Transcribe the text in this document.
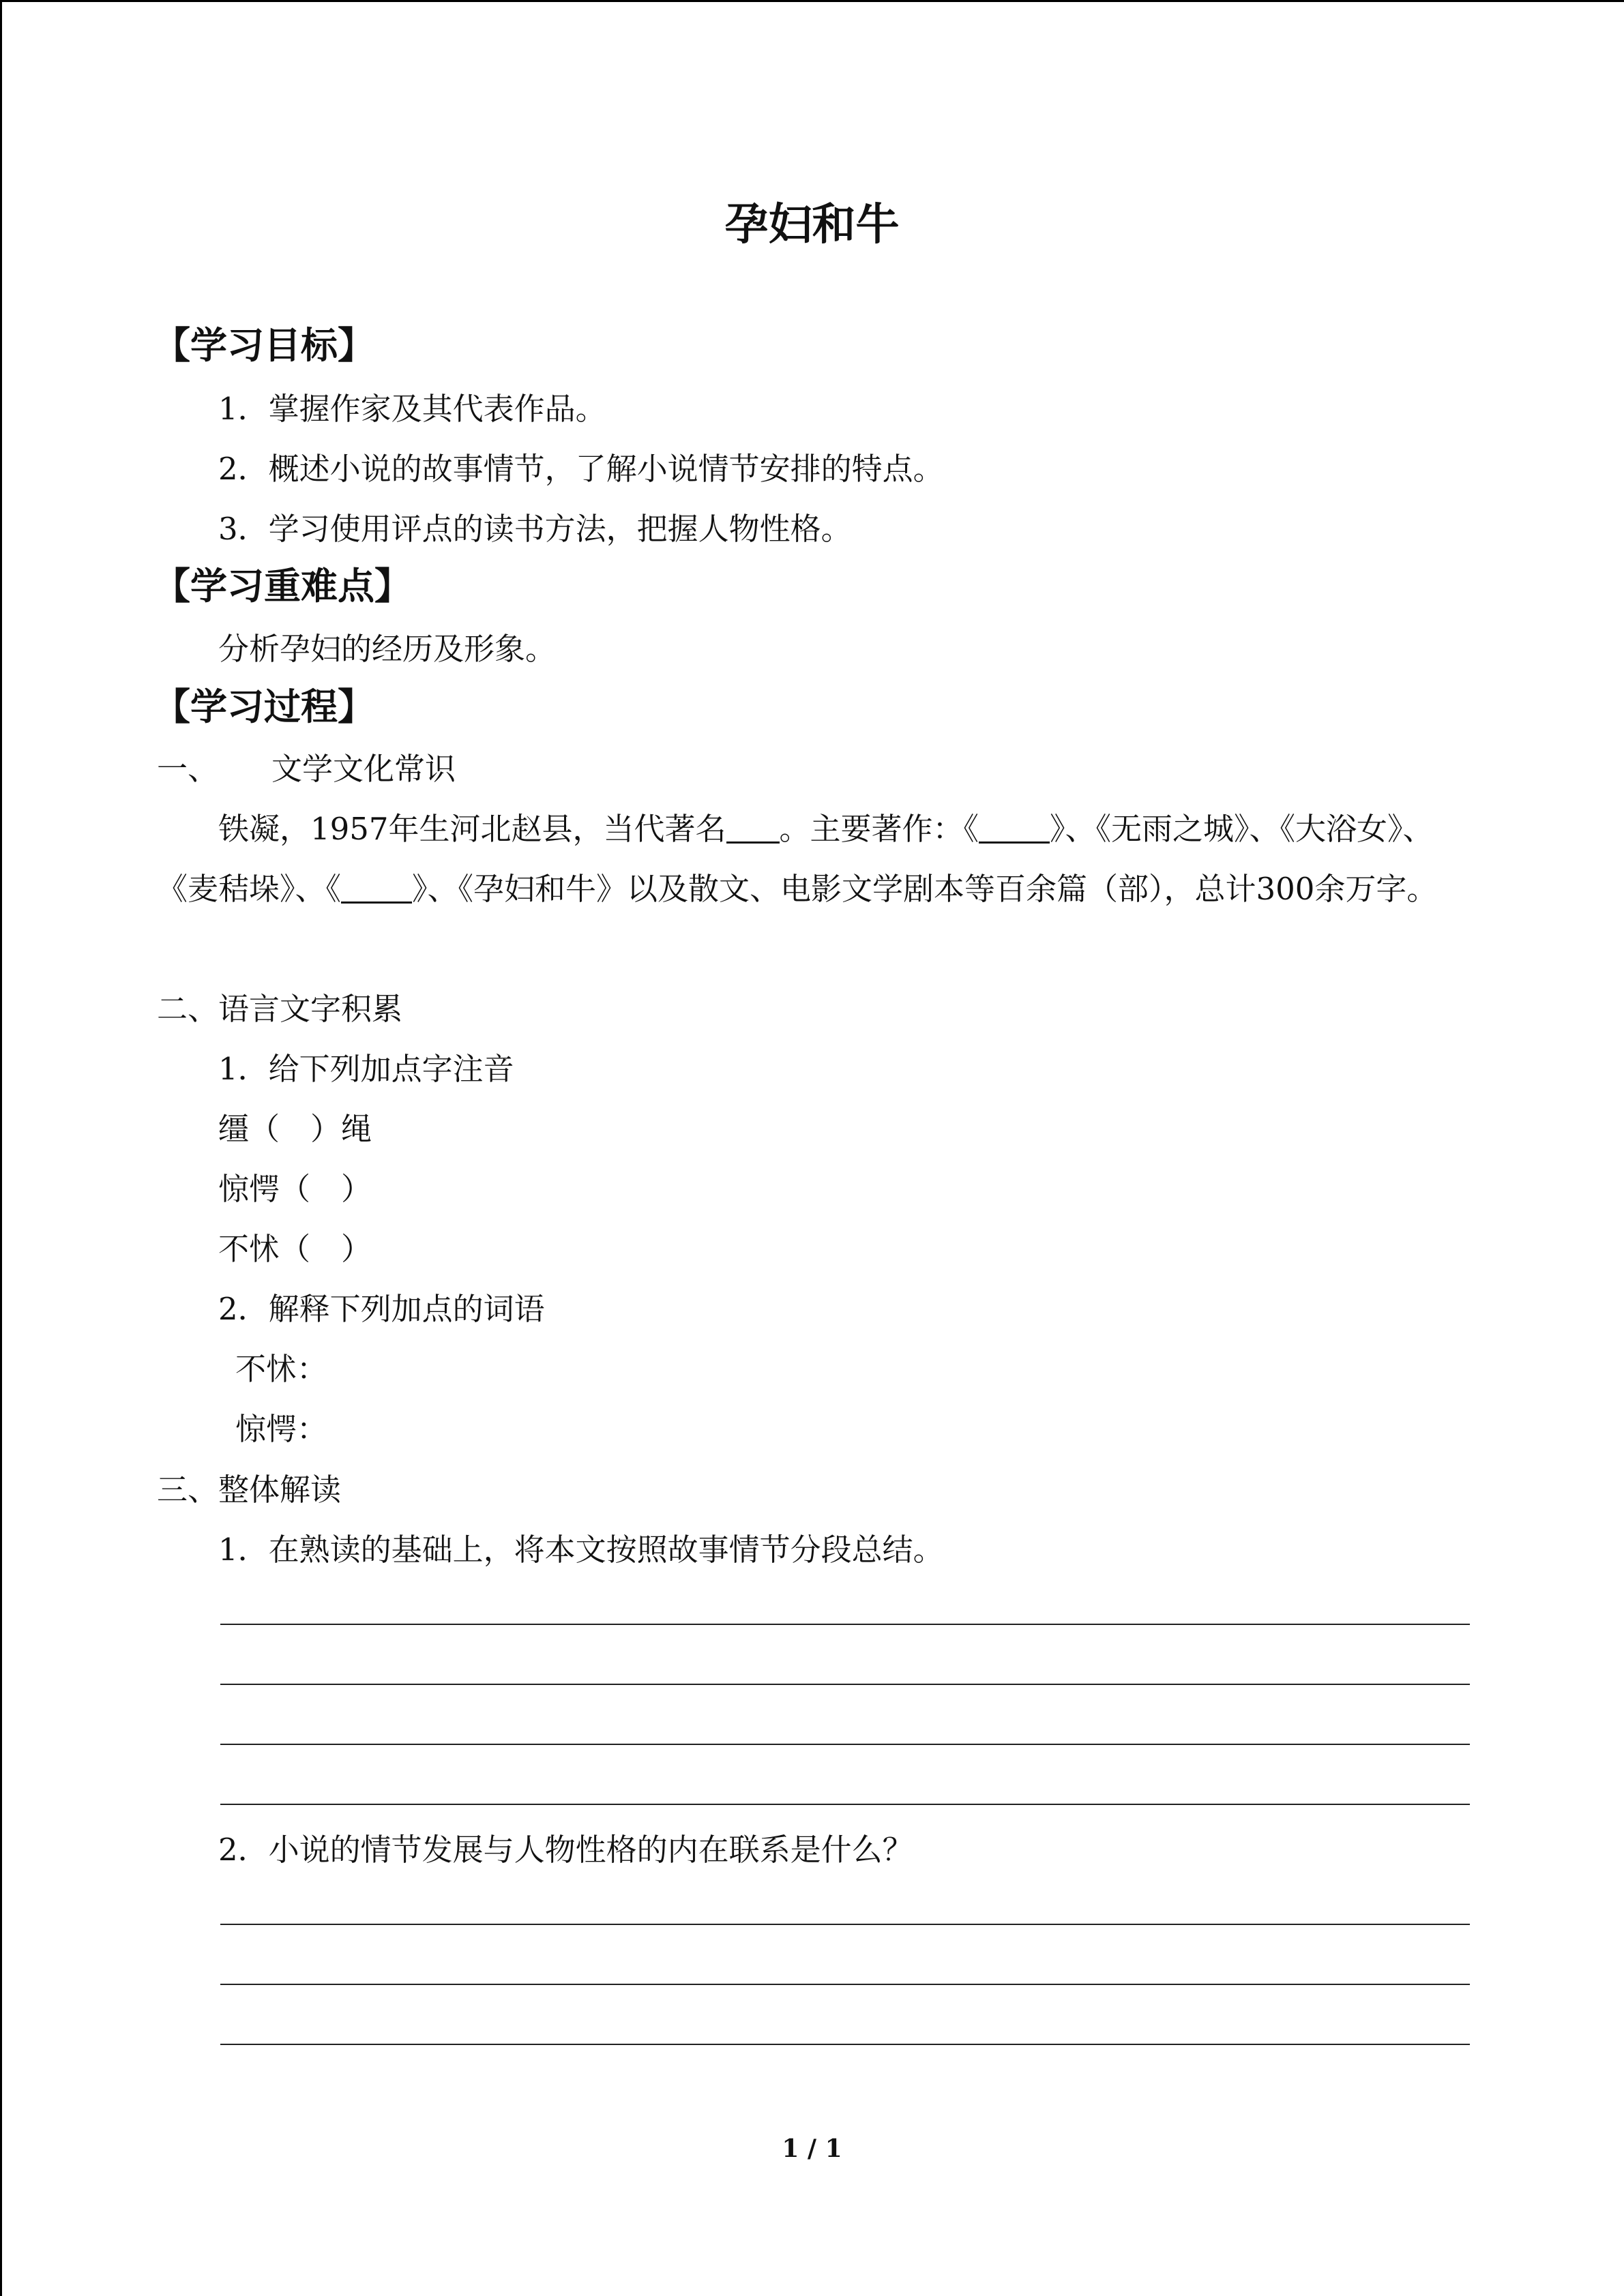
孕妇和牛
【学习目标】
1．掌握作家及其代表作品。
2．概述小说的故事情节，了解小说情节安排的特点。
3．学习使用评点的读书方法，把握人物性格。
【学习重难点】
分析孕妇的经历及形象。
【学习过程】
一、 文学文化常识
铁凝，1957年生河北赵县，当代著名 。主要著作：《 》、《无雨之城》、《大浴女》、《麦秸垛》、《 》、《孕妇和牛》以及散文、电影文学剧本等百余篇（部），总计300余万字。
二、语言文字积累
1．给下列加点字注音
缰（　）绳
惊愕（　）
不怵（　）
2．解释下列加点的词语
不怵：
惊愕：
三、整体解读
1．在熟读的基础上，将本文按照故事情节分段总结。
2．小说的情节发展与人物性格的内在联系是什么？
1 / 1
